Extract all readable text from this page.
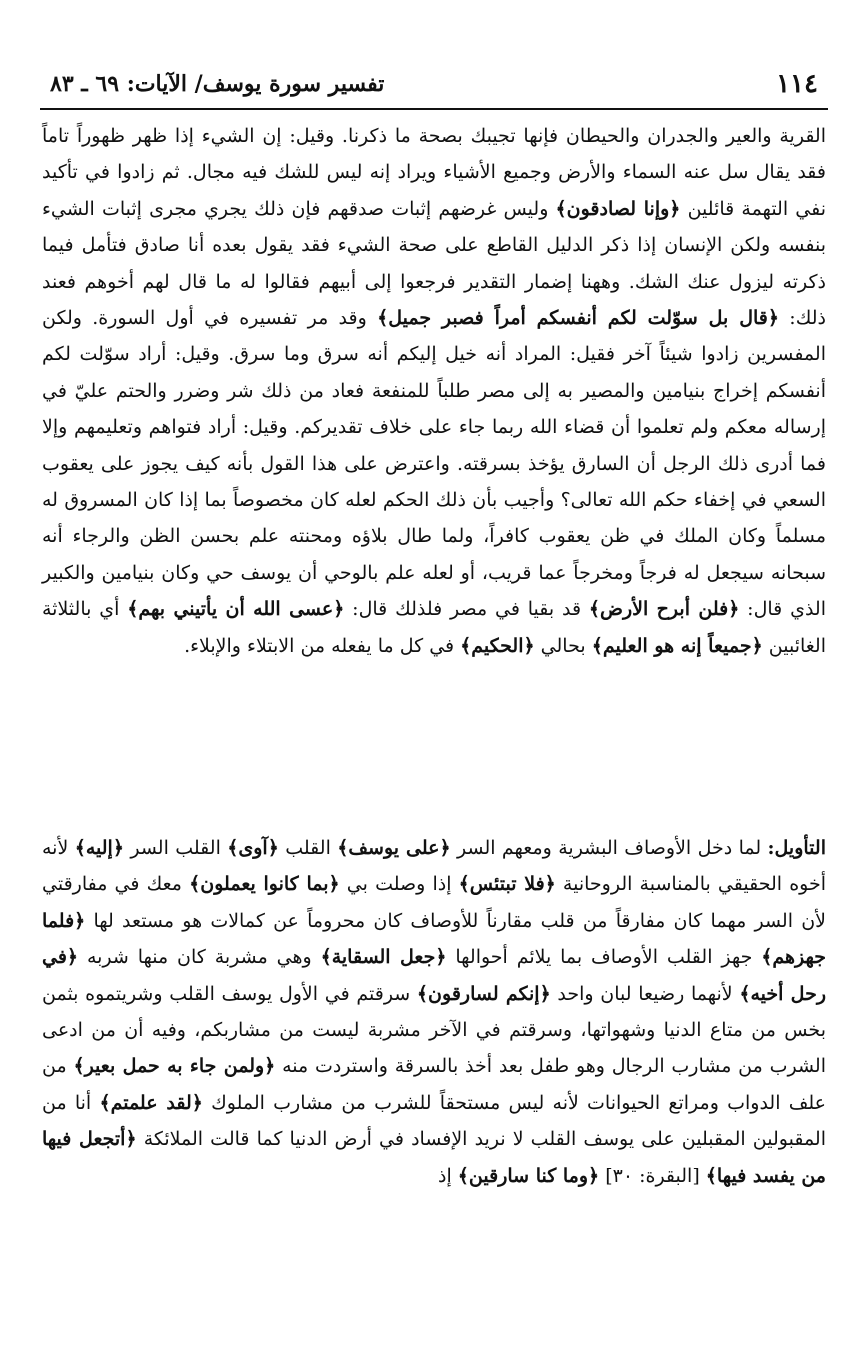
١١٤
تفسير سورة يوسف/ الآيات: ٦٩ ـ ٨٣

القرية والعير والجدران والحيطان فإنها تجيبك بصحة ما ذكرنا. وقيل: إن الشيء إذا ظهر ظهوراً تاماً فقد يقال سل عنه السماء والأرض وجميع الأشياء ويراد إنه ليس للشك فيه مجال. ثم زادوا في تأكيد نفي التهمة قائلين ﴿وإنا لصادقون﴾ وليس غرضهم إثبات صدقهم فإن ذلك يجري مجرى إثبات الشيء بنفسه ولكن الإنسان إذا ذكر الدليل القاطع على صحة الشيء فقد يقول بعده أنا صادق فتأمل فيما ذكرته ليزول عنك الشك. وههنا إضمار التقدير فرجعوا إلى أبيهم فقالوا له ما قال لهم أخوهم فعند ذلك: ﴿قال بل سوّلت لكم أنفسكم أمراً فصبر جميل﴾ وقد مر تفسيره في أول السورة. ولكن المفسرين زادوا شيئاً آخر فقيل: المراد أنه خيل إليكم أنه سرق وما سرق. وقيل: أراد سوّلت لكم أنفسكم إخراج بنيامين والمصير به إلى مصر طلباً للمنفعة فعاد من ذلك شر وضرر والحتم عليّ في إرساله معكم ولم تعلموا أن قضاء الله ربما جاء على خلاف تقديركم. وقيل: أراد فتواهم وتعليمهم وإلا فما أدرى ذلك الرجل أن السارق يؤخذ بسرقته. واعترض على هذا القول بأنه كيف يجوز على يعقوب السعي في إخفاء حكم الله تعالى؟ وأجيب بأن ذلك الحكم لعله كان مخصوصاً بما إذا كان المسروق له مسلماً وكان الملك في ظن يعقوب كافراً، ولما طال بلاؤه ومحنته علم بحسن الظن والرجاء أنه سبحانه سيجعل له فرجاً ومخرجاً عما قريب، أو لعله علم بالوحي أن يوسف حي وكان بنيامين والكبير الذي قال: ﴿فلن أبرح الأرض﴾ قد بقيا في مصر فلذلك قال: ﴿عسى الله أن يأتيني بهم﴾ أي بالثلاثة الغائبين ﴿جميعاً إنه هو العليم﴾ بحالي ﴿الحكيم﴾ في كل ما يفعله من الابتلاء والإبلاء.

التأويل: لما دخل الأوصاف البشرية ومعهم السر ﴿على يوسف﴾ القلب ﴿آوى﴾ القلب السر ﴿إليه﴾ لأنه أخوه الحقيقي بالمناسبة الروحانية ﴿فلا تبتئس﴾ إذا وصلت بي ﴿بما كانوا يعملون﴾ معك في مفارقتي لأن السر مهما كان مفارقاً من قلب مقارناً للأوصاف كان محروماً عن كمالات هو مستعد لها ﴿فلما جهزهم﴾ جهز القلب الأوصاف بما يلائم أحوالها ﴿جعل السقاية﴾ وهي مشربة كان منها شربه ﴿في رحل أخيه﴾ لأنهما رضيعا لبان واحد ﴿إنكم لسارقون﴾ سرقتم في الأول يوسف القلب وشريتموه بثمن بخس من متاع الدنيا وشهواتها، وسرقتم في الآخر مشربة ليست من مشاربكم، وفيه أن من ادعى الشرب من مشارب الرجال وهو طفل بعد أخذ بالسرقة واستردت منه ﴿ولمن جاء به حمل بعير﴾ من علف الدواب ومراتع الحيوانات لأنه ليس مستحقاً للشرب من مشارب الملوك ﴿لقد علمتم﴾ أنا من المقبولين المقبلين على يوسف القلب لا نريد الإفساد في أرض الدنيا كما قالت الملائكة ﴿أتجعل فيها من يفسد فيها﴾ [البقرة: ٣٠] ﴿وما كنا سارقين﴾ إذ
